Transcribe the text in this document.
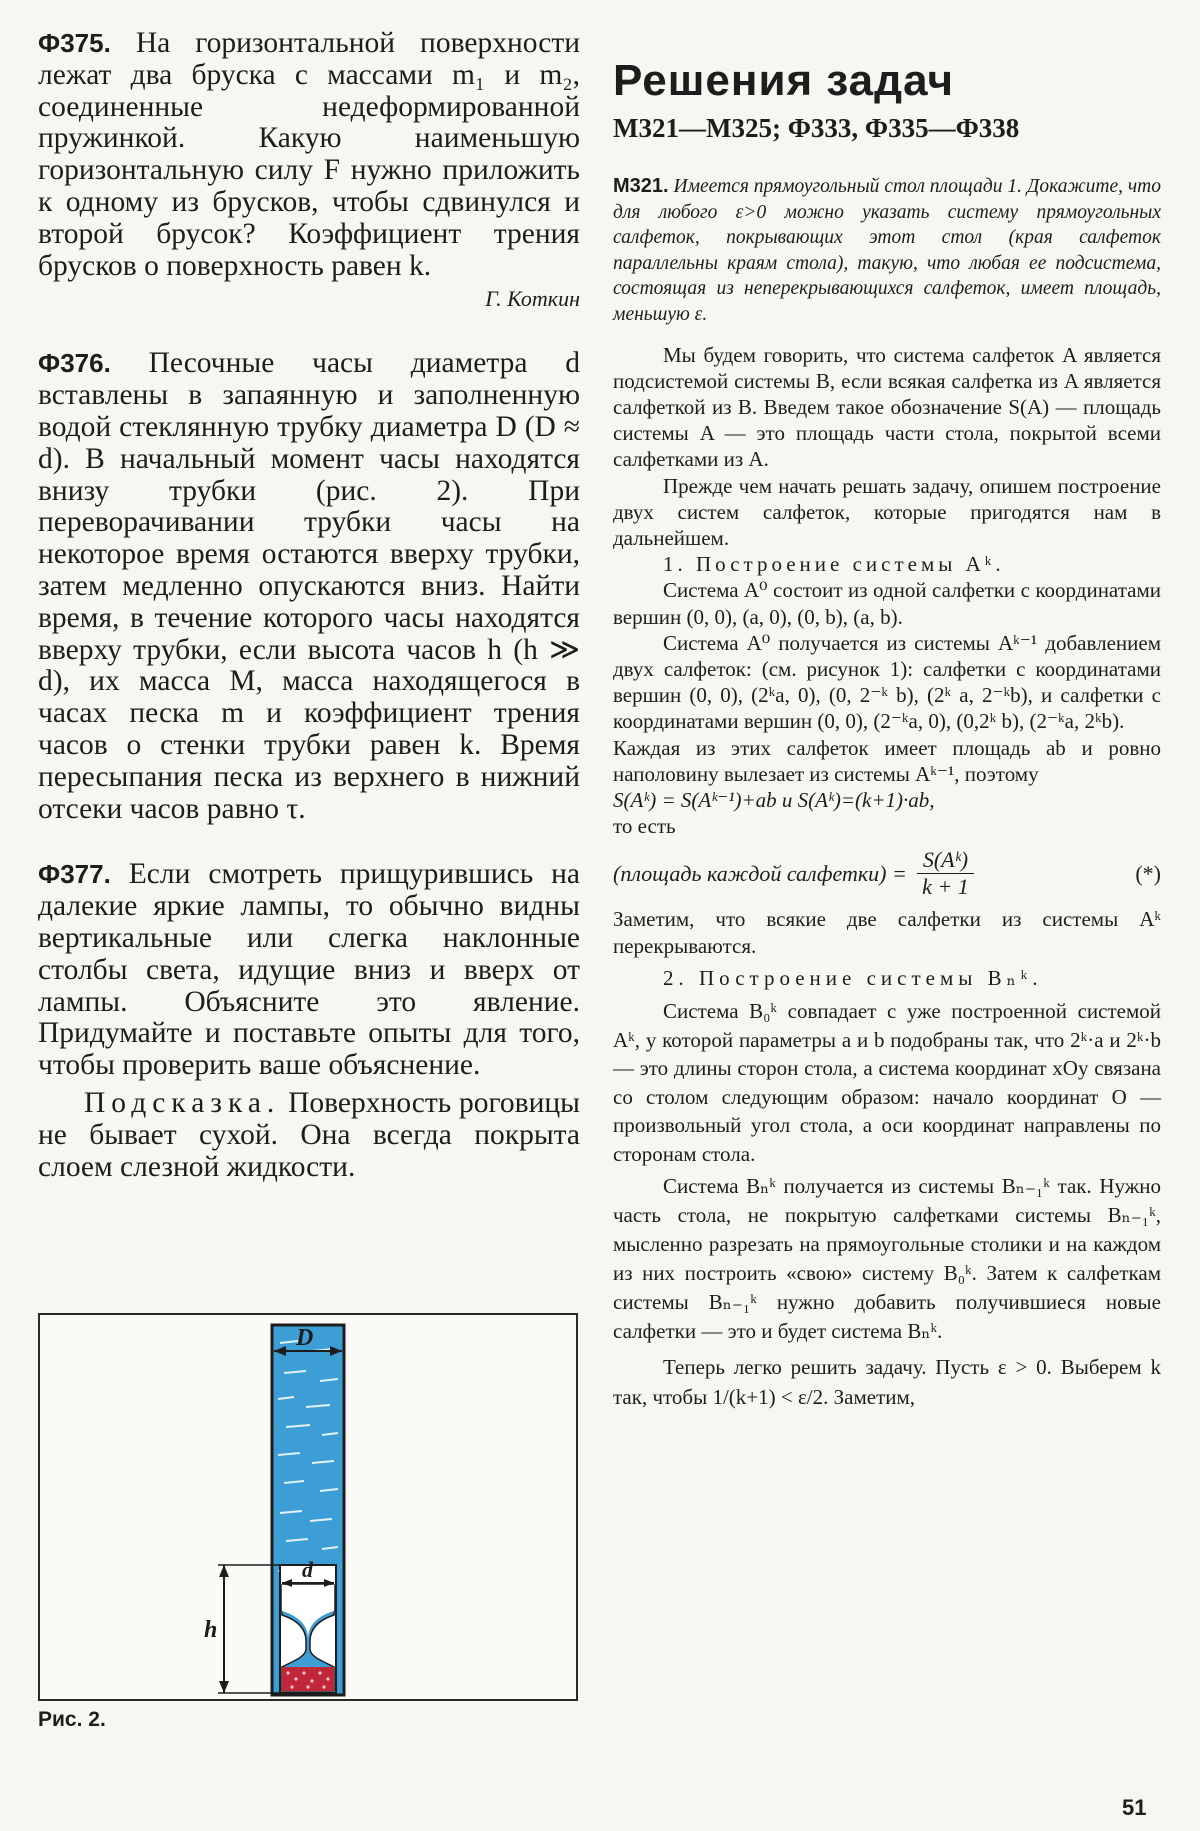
Ф375. На горизонтальной поверхности лежат два бруска с массами m₁ и m₂, соединенные недеформированной пружинкой. Какую наименьшую горизонтальную силу F нужно приложить к одному из брусков, чтобы сдвинулся и второй брусок? Коэффициент трения брусков о поверхность равен k.

Г. Коткин

Ф376. Песочные часы диаметра d вставлены в запаянную и заполненную водой стеклянную трубку диаметра D (D ≈ d). В начальный момент часы находятся внизу трубки (рис. 2). При переворачивании трубки часы на некоторое время остаются вверху трубки, затем медленно опускаются вниз. Найти время, в течение которого часы находятся вверху трубки, если высота часов h (h ≫ d), их масса M, масса находящегося в часах песка m и коэффициент трения часов о стенки трубки равен k. Время пересыпания песка из верхнего в нижний отсеки часов равно τ.

Ф377. Если смотреть прищурившись на далекие яркие лампы, то обычно видны вертикальные или слегка наклонные столбы света, идущие вниз и вверх от лампы. Объясните это явление. Придумайте и поставьте опыты для того, чтобы проверить ваше объяснение.

Подсказка. Поверхность роговицы не бывает сухой. Она всегда покрыта слоем слезной жидкости.

D
d
h
Рис. 2.
Решения задач
М321—М325; Ф333, Ф335—Ф338

М321. Имеется прямоугольный стол площади 1. Докажите, что для любого ε>0 можно указать систему прямоугольных салфеток, покрывающих этот стол (края салфеток параллельны краям стола), такую, что любая ее подсистема, состоящая из неперекрывающихся салфеток, имеет площадь, меньшую ε.

Мы будем говорить, что система салфеток A является подсистемой системы B, если всякая салфетка из A является салфеткой из B. Введем такое обозначение S(A) — площадь системы A — это площадь части стола, покрытой всеми салфетками из A.

Прежде чем начать решать задачу, опишем построение двух систем салфеток, которые пригодятся нам в дальнейшем.

1. Построение системы Aᵏ.

Система A⁰ состоит из одной салфетки с координатами вершин (0, 0), (a, 0), (0, b), (a, b).

Система A⁰ получается из системы Aᵏ⁻¹ добавлением двух салфеток: (см. рисунок 1): салфетки с координатами вершин (0, 0), (2ᵏa, 0), (0, 2⁻ᵏ b), (2ᵏ a, 2⁻ᵏb), и салфетки с координатами вершин (0, 0), (2⁻ᵏa, 0), (0,2ᵏ b), (2⁻ᵏa, 2ᵏb).

Каждая из этих салфеток имеет площадь ab и ровно наполовину вылезает из системы Aᵏ⁻¹, поэтому

S(Aᵏ) = S(Aᵏ⁻¹)+ab и S(Aᵏ)=(k+1)·ab,

то есть

(площадь каждой салфетки) = $\frac{\text{S(Aᵏ)}}{k + 1}$	(*)

Заметим, что всякие две салфетки из системы Aᵏ перекрываются.

2. Построение системы Bₙᵏ.

Система B₀ᵏ совпадает с уже построенной системой Aᵏ, у которой параметры a и b подобраны так, что 2ᵏ·a и 2ᵏ·b — это длины сторон стола, а система координат xOy связана со столом следующим образом: начало координат O — произвольный угол стола, а оси координат направлены по сторонам стола.

Система Bₙᵏ получается из системы Bₙ₋₁ᵏ так. Нужно часть стола, не покрытую салфетками системы Bₙ₋₁ᵏ, мысленно разрезать на прямоугольные столики и на каждом из них построить «свою» систему B₀ᵏ. Затем к салфеткам системы Bₙ₋₁ᵏ нужно добавить получившиеся новые салфетки — это и будет система Bₙᵏ.

Теперь легко решить задачу. Пусть ε > 0. Выберем k так, чтобы 1/(k+1) < ε/2. Заметим,

51
